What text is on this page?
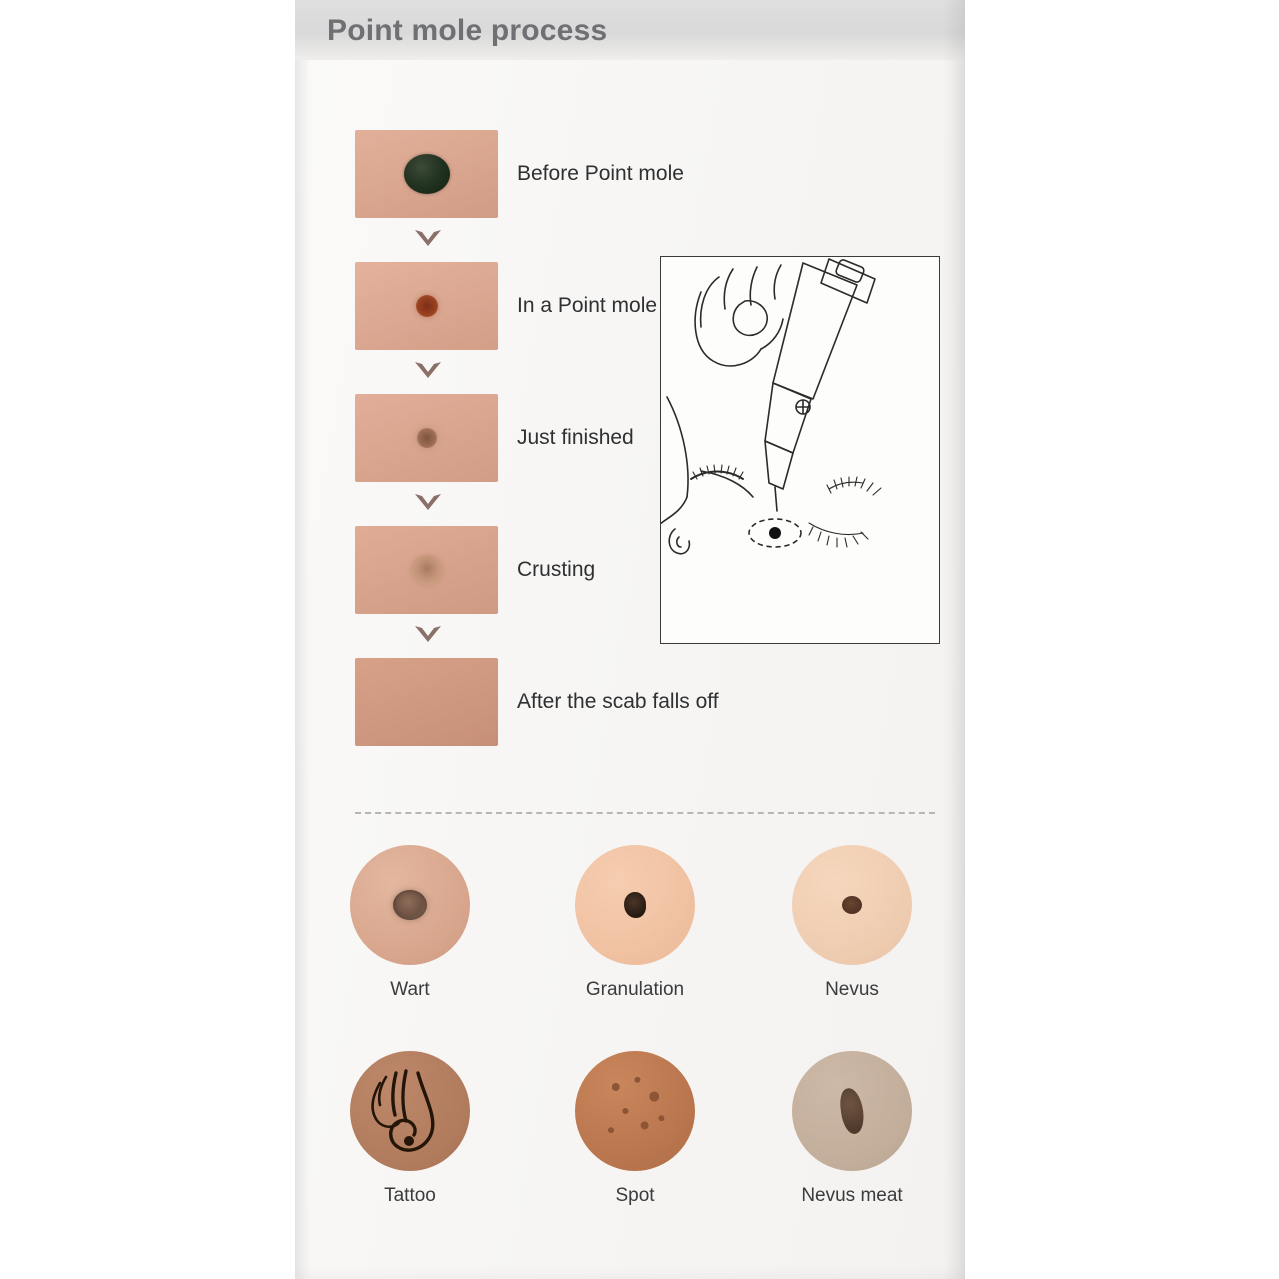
Point mole process
Before Point mole
In a Point mole
Just finished
Crusting
After the scab falls off
Wart	Granulation	Nevus
Tattoo	Spot	Nevus meat
